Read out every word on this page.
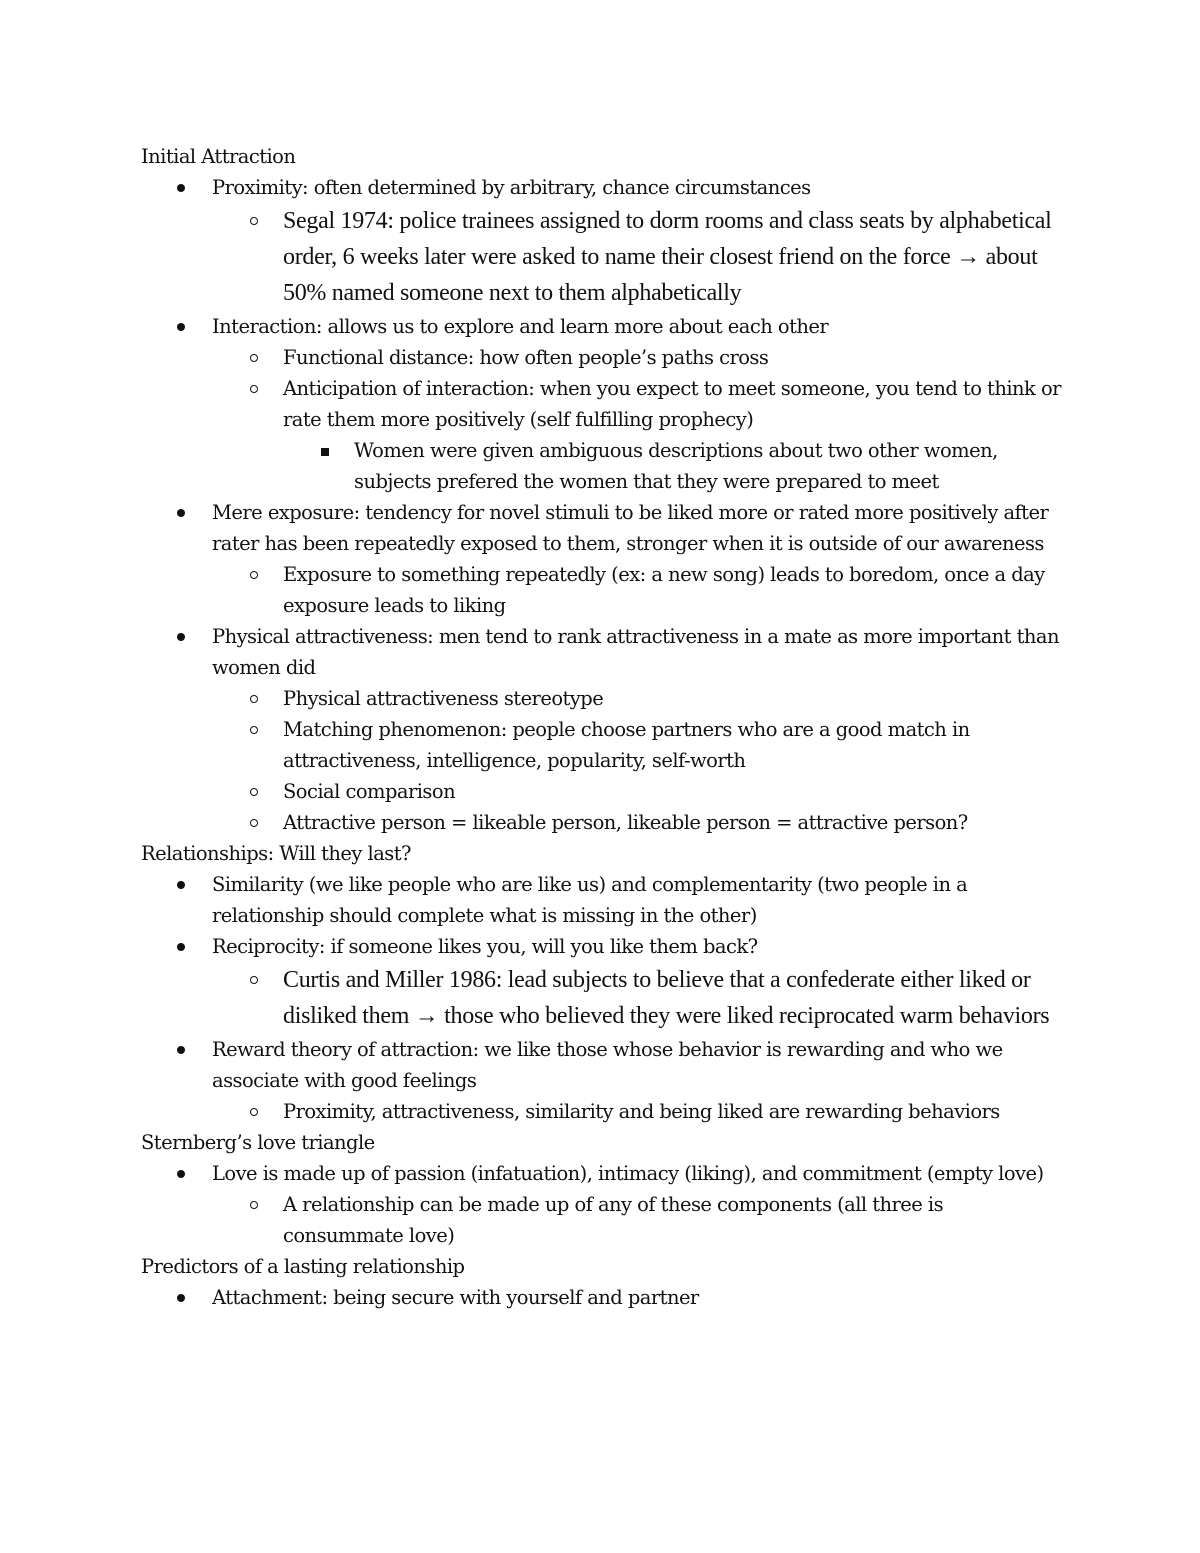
Initial Attraction
Proximity: often determined by arbitrary, chance circumstances
Segal 1974: police trainees assigned to dorm rooms and class seats by alphabetical order, 6 weeks later were asked to name their closest friend on the force → about 50% named someone next to them alphabetically
Interaction: allows us to explore and learn more about each other
Functional distance: how often people’s paths cross
Anticipation of interaction: when you expect to meet someone, you tend to think or rate them more positively (self fulfilling prophecy)
Women were given ambiguous descriptions about two other women, subjects prefered the women that they were prepared to meet
Mere exposure: tendency for novel stimuli to be liked more or rated more positively after rater has been repeatedly exposed to them, stronger when it is outside of our awareness
Exposure to something repeatedly (ex: a new song) leads to boredom, once a day exposure leads to liking
Physical attractiveness: men tend to rank attractiveness in a mate as more important than women did
Physical attractiveness stereotype
Matching phenomenon: people choose partners who are a good match in attractiveness, intelligence, popularity, self-worth
Social comparison
Attractive person = likeable person, likeable person = attractive person?
Relationships: Will they last?
Similarity (we like people who are like us) and complementarity (two people in a relationship should complete what is missing in the other)
Reciprocity: if someone likes you, will you like them back?
Curtis and Miller 1986: lead subjects to believe that a confederate either liked or disliked them → those who believed they were liked reciprocated warm behaviors
Reward theory of attraction: we like those whose behavior is rewarding and who we associate with good feelings
Proximity, attractiveness, similarity and being liked are rewarding behaviors
Sternberg’s love triangle
Love is made up of passion (infatuation), intimacy (liking), and commitment (empty love)
A relationship can be made up of any of these components (all three is consummate love)
Predictors of a lasting relationship
Attachment: being secure with yourself and partner
